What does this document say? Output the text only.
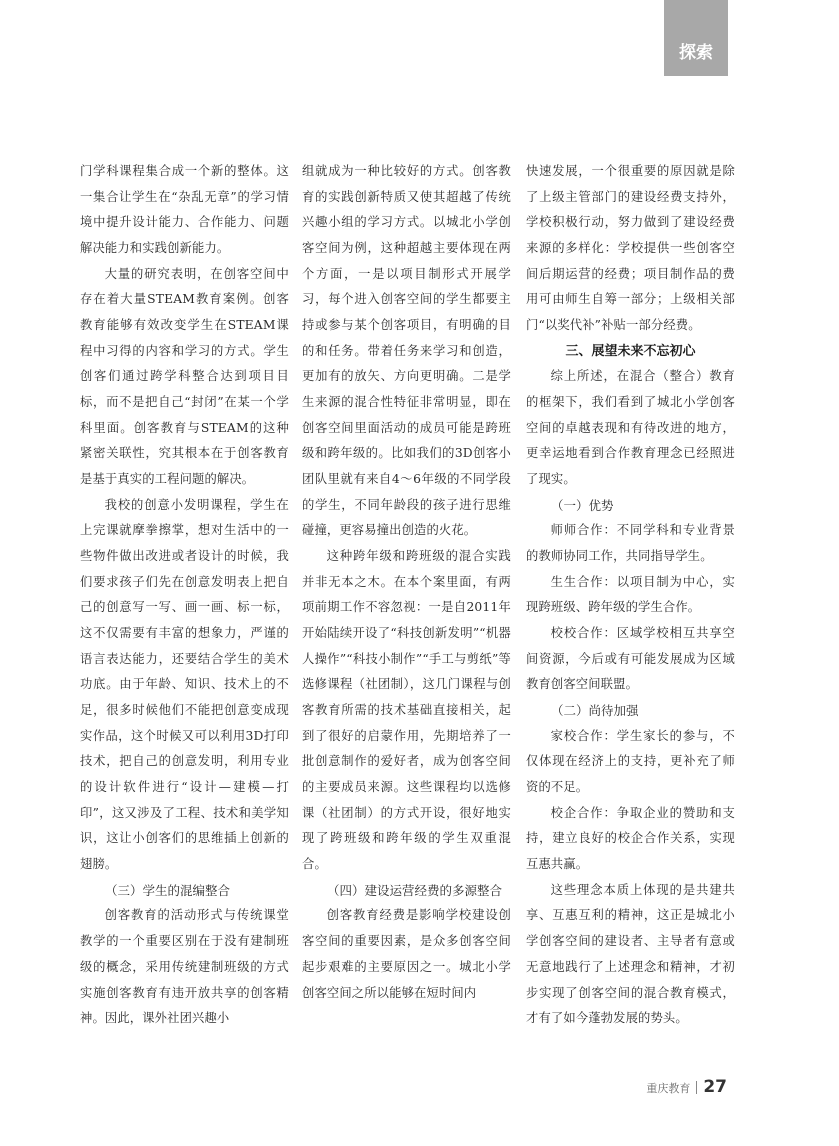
探索

门学科课程集合成一个新的整体。这一集合让学生在“杂乱无章”的学习情境中提升设计能力、合作能力、问题解决能力和实践创新能力。

大量的研究表明，在创客空间中存在着大量STEAM教育案例。创客教育能够有效改变学生在STEAM课程中习得的内容和学习的方式。学生创客们通过跨学科整合达到项目目标，而不是把自己“封闭”在某一个学科里面。创客教育与STEAM的这种紧密关联性，究其根本在于创客教育是基于真实的工程问题的解决。

我校的创意小发明课程，学生在上完课就摩拳擦掌，想对生活中的一些物件做出改进或者设计的时候，我们要求孩子们先在创意发明表上把自己的创意写一写、画一画、标一标，这不仅需要有丰富的想象力，严谨的语言表达能力，还要结合学生的美术功底。由于年龄、知识、技术上的不足，很多时候他们不能把创意变成现实作品，这个时候又可以利用3D打印技术，把自己的创意发明，利用专业的设计软件进行“设计—建模—打印”，这又涉及了工程、技术和美学知识，这让小创客们的思维插上创新的翅膀。

（三）学生的混编整合

创客教育的活动形式与传统课堂教学的一个重要区别在于没有建制班级的概念，采用传统建制班级的方式实施创客教育有违开放共享的创客精神。因此，课外社团兴趣小

组就成为一种比较好的方式。创客教育的实践创新特质又使其超越了传统兴趣小组的学习方式。以城北小学创客空间为例，这种超越主要体现在两个方面，一是以项目制形式开展学习，每个进入创客空间的学生都要主持或参与某个创客项目，有明确的目的和任务。带着任务来学习和创造，更加有的放矢、方向更明确。二是学生来源的混合性特征非常明显，即在创客空间里面活动的成员可能是跨班级和跨年级的。比如我们的3D创客小团队里就有来自4～6年级的不同学段的学生，不同年龄段的孩子进行思维碰撞，更容易撞出创造的火花。

这种跨年级和跨班级的混合实践并非无本之木。在本个案里面，有两项前期工作不容忽视：一是自2011年开始陆续开设了“科技创新发明”“机器人操作”“科技小制作”“手工与剪纸”等选修课程（社团制），这几门课程与创客教育所需的技术基础直接相关，起到了很好的启蒙作用，先期培养了一批创意制作的爱好者，成为创客空间的主要成员来源。这些课程均以选修课（社团制）的方式开设，很好地实现了跨班级和跨年级的学生双重混合。

（四）建设运营经费的多源整合

创客教育经费是影响学校建设创客空间的重要因素，是众多创客空间起步艰难的主要原因之一。城北小学创客空间之所以能够在短时间内

快速发展，一个很重要的原因就是除了上级主管部门的建设经费支持外，学校积极行动，努力做到了建设经费来源的多样化：学校提供一些创客空间后期运营的经费；项目制作品的费用可由师生自筹一部分；上级相关部门“以奖代补”补贴一部分经费。

三、展望未来不忘初心

综上所述，在混合（整合）教育的框架下，我们看到了城北小学创客空间的卓越表现和有待改进的地方，更幸运地看到合作教育理念已经照进了现实。

（一）优势

师师合作：不同学科和专业背景的教师协同工作，共同指导学生。

生生合作：以项目制为中心，实现跨班级、跨年级的学生合作。

校校合作：区域学校相互共享空间资源，今后或有可能发展成为区域教育创客空间联盟。

（二）尚待加强

家校合作：学生家长的参与，不仅体现在经济上的支持，更补充了师资的不足。

校企合作：争取企业的赞助和支持，建立良好的校企合作关系，实现互惠共赢。

这些理念本质上体现的是共建共享、互惠互利的精神，这正是城北小学创客空间的建设者、主导者有意或无意地践行了上述理念和精神，才初步实现了创客空间的混合教育模式，才有了如今蓬勃发展的势头。

重庆教育 27
